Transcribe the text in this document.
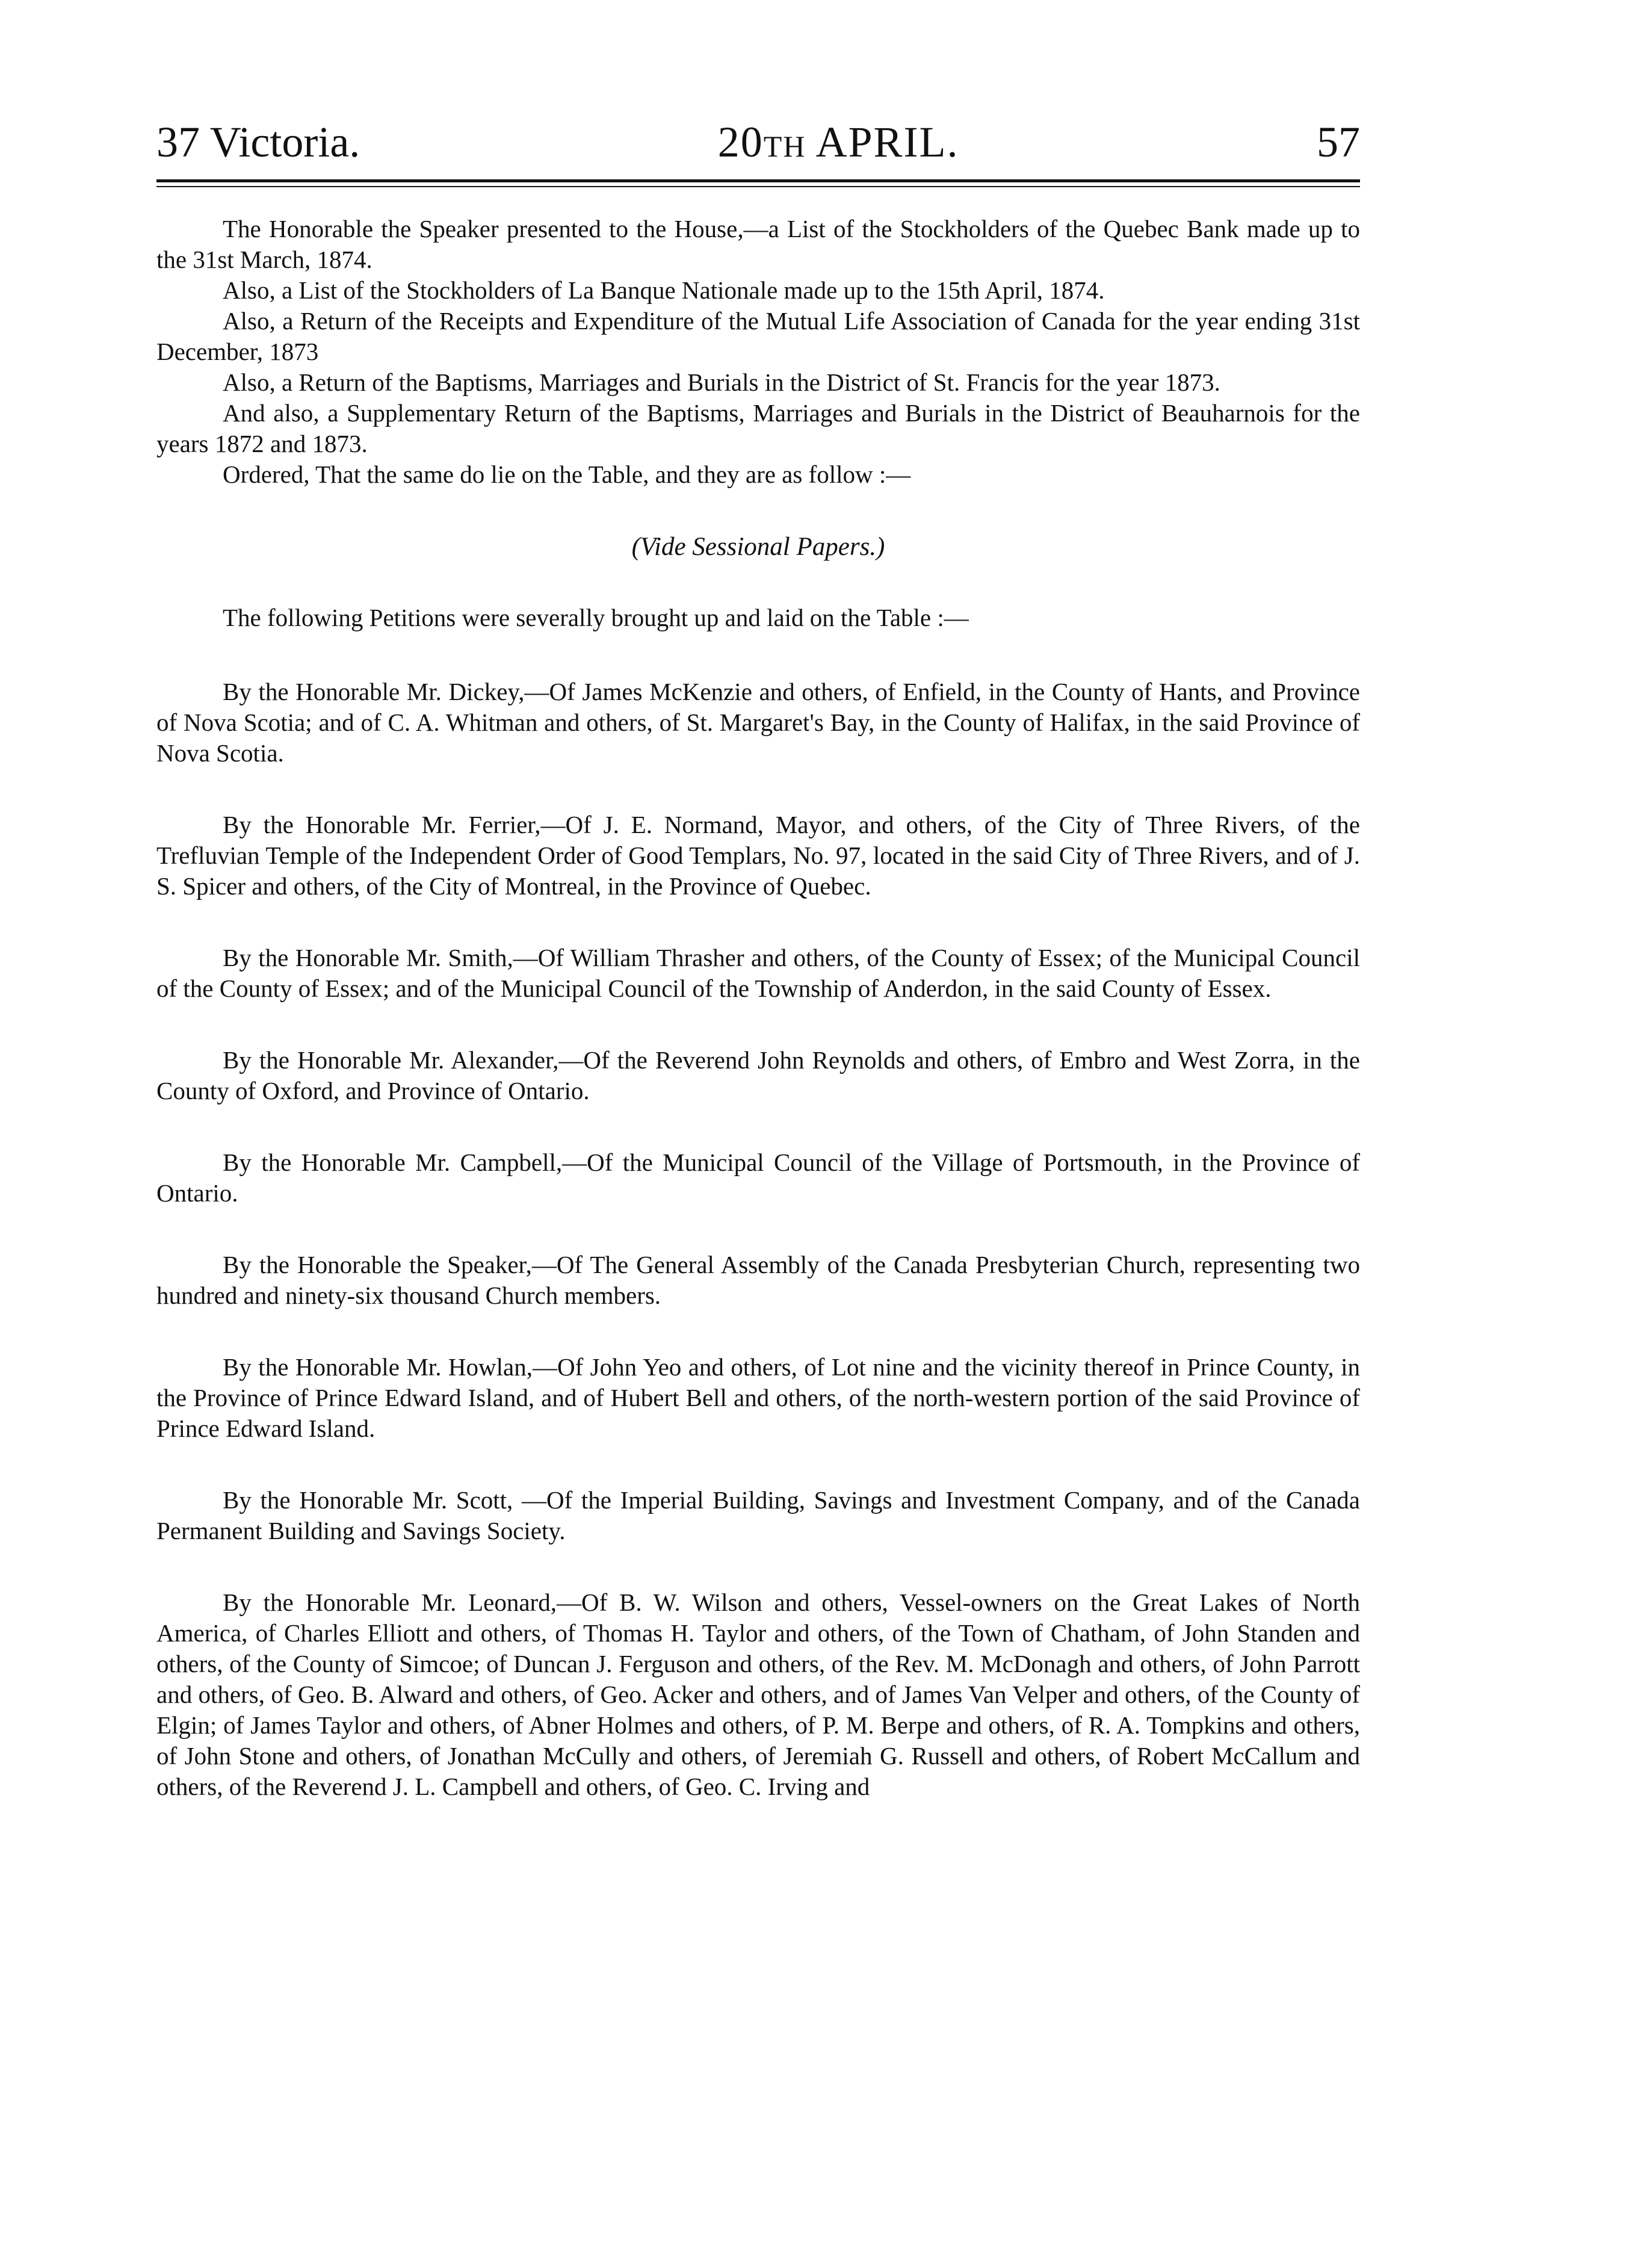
37 Victoria.	20th APRIL.	57

The Honorable the Speaker presented to the House,—a List of the Stockholders of the Quebec Bank made up to the 31st March, 1874.

Also, a List of the Stockholders of La Banque Nationale made up to the 15th April, 1874.

Also, a Return of the Receipts and Expenditure of the Mutual Life Association of Canada for the year ending 31st December, 1873

Also, a Return of the Baptisms, Marriages and Burials in the District of St. Francis for the year 1873.

And also, a Supplementary Return of the Baptisms, Marriages and Burials in the District of Beauharnois for the years 1872 and 1873.

Ordered, That the same do lie on the Table, and they are as follow :—

(Vide Sessional Papers.)

The following Petitions were severally brought up and laid on the Table :—

By the Honorable Mr. Dickey,—Of James McKenzie and others, of Enfield, in the County of Hants, and Province of Nova Scotia; and of C. A. Whitman and others, of St. Margaret's Bay, in the County of Halifax, in the said Province of Nova Scotia.

By the Honorable Mr. Ferrier,—Of J. E. Normand, Mayor, and others, of the City of Three Rivers, of the Trefluvian Temple of the Independent Order of Good Templars, No. 97, located in the said City of Three Rivers, and of J. S. Spicer and others, of the City of Montreal, in the Province of Quebec.

By the Honorable Mr. Smith,—Of William Thrasher and others, of the County of Essex; of the Municipal Council of the County of Essex; and of the Municipal Council of the Township of Anderdon, in the said County of Essex.

By the Honorable Mr. Alexander,—Of the Reverend John Reynolds and others, of Embro and West Zorra, in the County of Oxford, and Province of Ontario.

By the Honorable Mr. Campbell,—Of the Municipal Council of the Village of Portsmouth, in the Province of Ontario.

By the Honorable the Speaker,—Of The General Assembly of the Canada Presbyterian Church, representing two hundred and ninety-six thousand Church members.

By the Honorable Mr. Howlan,—Of John Yeo and others, of Lot nine and the vicinity thereof in Prince County, in the Province of Prince Edward Island, and of Hubert Bell and others, of the north-western portion of the said Province of Prince Edward Island.

By the Honorable Mr. Scott, —Of the Imperial Building, Savings and Investment Company, and of the Canada Permanent Building and Savings Society.

By the Honorable Mr. Leonard,—Of B. W. Wilson and others, Vessel-owners on the Great Lakes of North America, of Charles Elliott and others, of Thomas H. Taylor and others, of the Town of Chatham, of John Standen and others, of the County of Simcoe; of Duncan J. Ferguson and others, of the Rev. M. McDonagh and others, of John Parrott and others, of Geo. B. Alward and others, of Geo. Acker and others, and of James Van Velper and others, of the County of Elgin; of James Taylor and others, of Abner Holmes and others, of P. M. Berpe and others, of R. A. Tompkins and others, of John Stone and others, of Jonathan McCully and others, of Jeremiah G. Russell and others, of Robert McCallum and others, of the Reverend J. L. Campbell and others, of Geo. C. Irving and
